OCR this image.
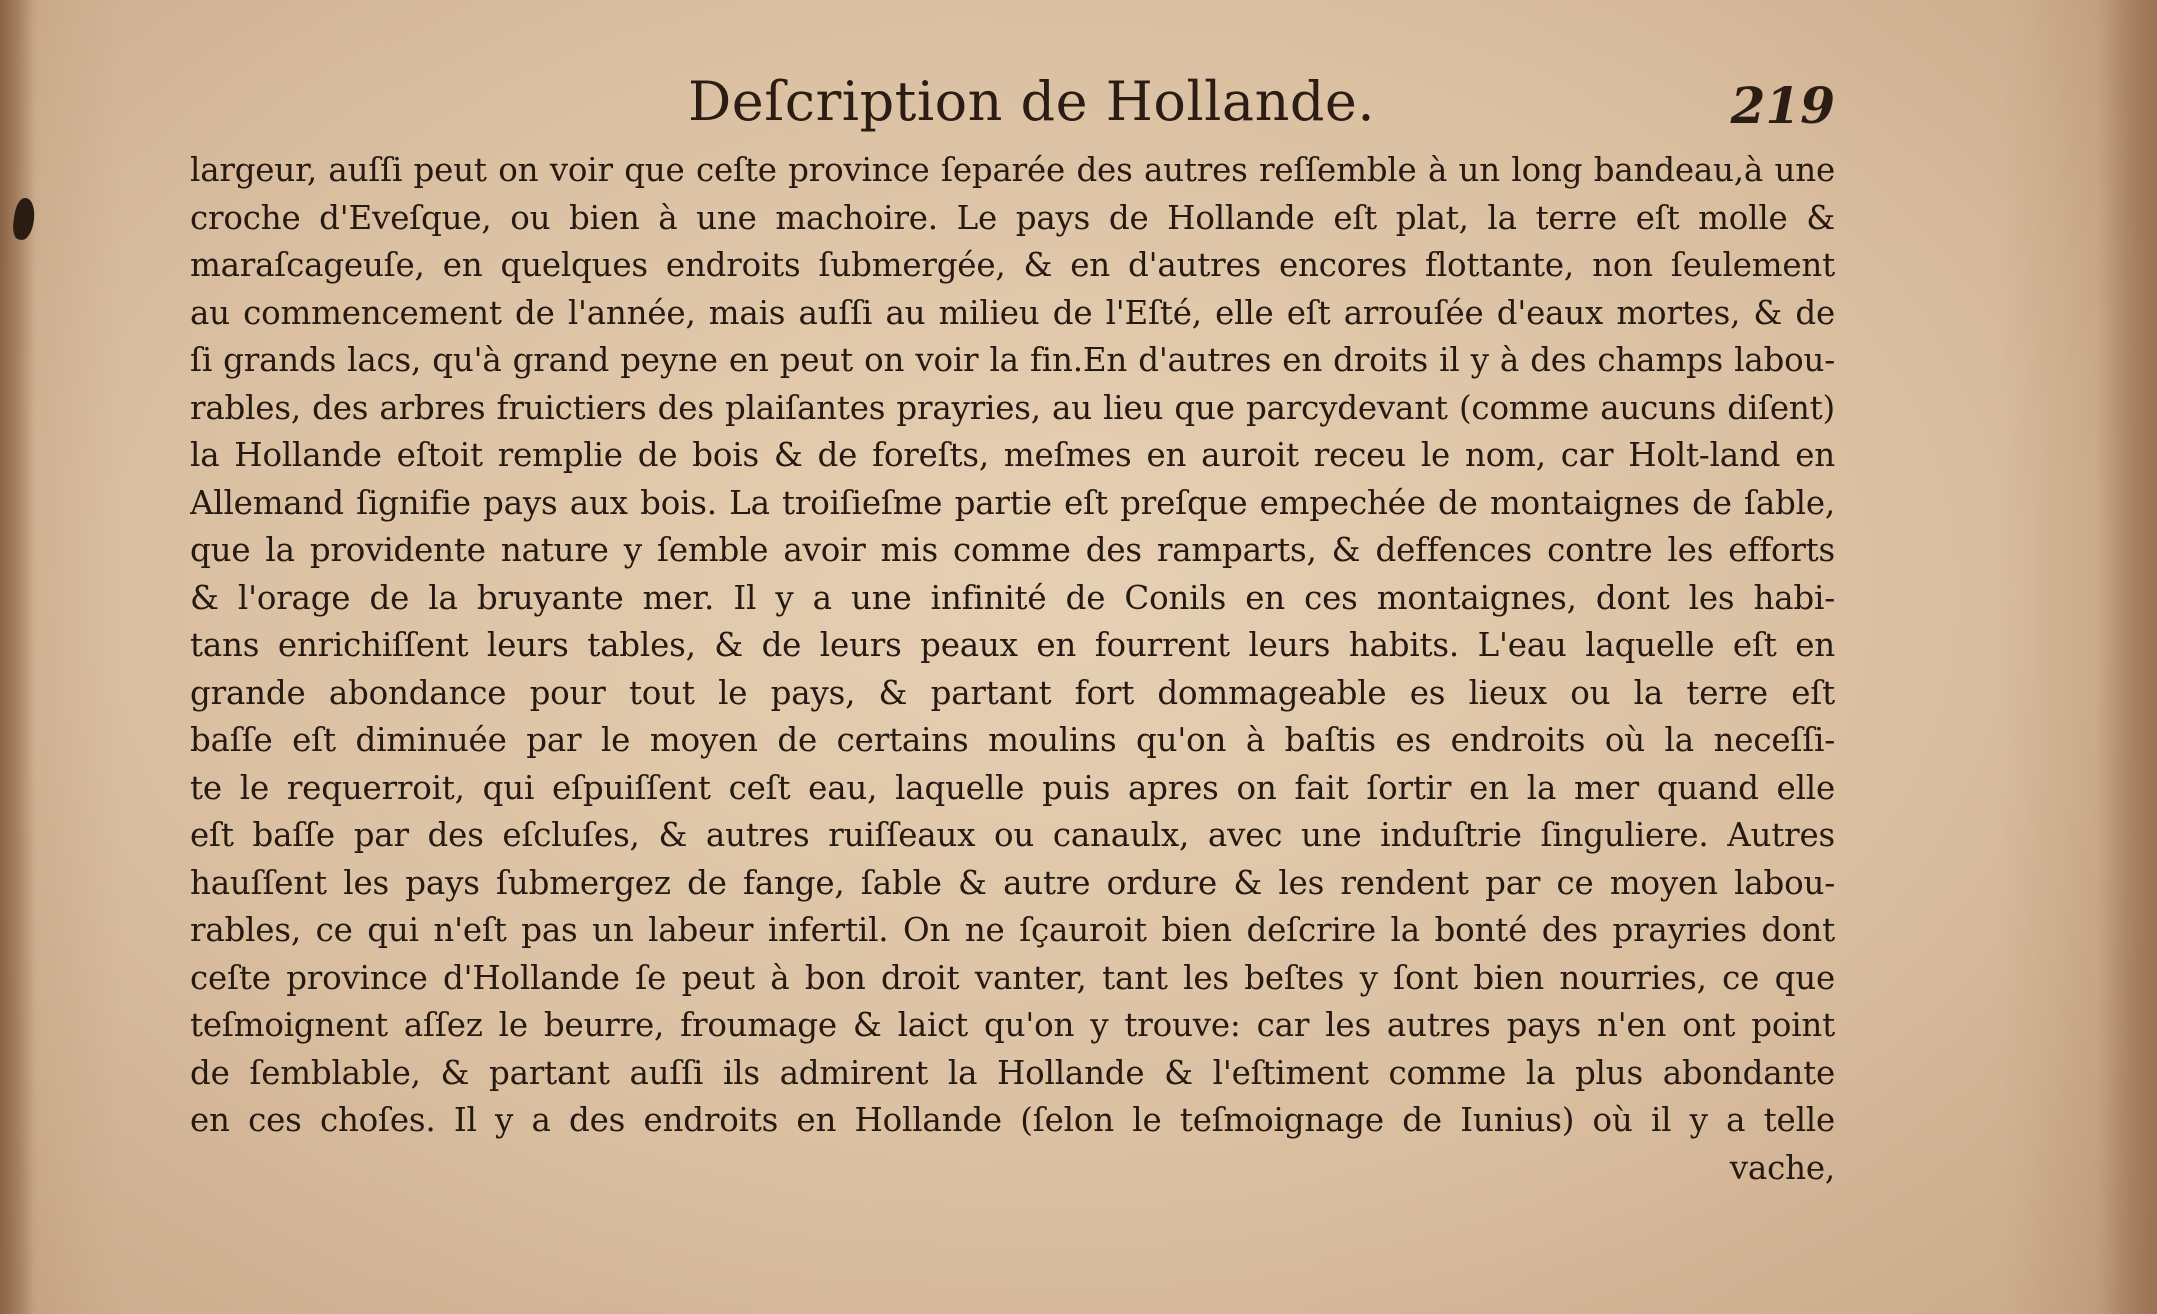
Deſcription de Hollande.	219
largeur, auſſi peut on voir que ceſte province ſeparée des autres reſſemble à un long bandeau,à une
croche d'Eveſque, ou bien à une machoire. Le pays de Hollande eſt plat, la terre eſt molle &
maraſcageuſe, en quelques endroits ſubmergée, & en d'autres encores flottante, non ſeulement
au commencement de l'année, mais auſſi au milieu de l'Eſté, elle eſt arrouſée d'eaux mortes, & de
ſi grands lacs, qu'à grand peyne en peut on voir la fin.En d'autres en droits il y à des champs labou-
rables, des arbres fruictiers des plaiſantes prayries, au lieu que parcydevant (comme aucuns diſent)
la Hollande eſtoit remplie de bois & de foreſts, meſmes en auroit receu le nom, car Holt-land en
Allemand ſignifie pays aux bois. La troiſieſme partie eſt preſque empechée de montaignes de ſable,
que la providente nature y ſemble avoir mis comme des ramparts, & deffences contre les efforts
& l'orage de la bruyante mer. Il y a une infinité de Conils en ces montaignes, dont les habi-
tans enrichiſſent leurs tables, & de leurs peaux en fourrent leurs habits. L'eau laquelle eſt en
grande abondance pour tout le pays, & partant fort dommageable es lieux ou la terre eſt
baſſe eſt diminuée par le moyen de certains moulins qu'on à baſtis es endroits où la neceſſi-
te le requerroit, qui eſpuiſſent ceſt eau, laquelle puis apres on fait ſortir en la mer quand elle
eſt baſſe par des eſcluſes, & autres ruiſſeaux ou canaulx, avec une induſtrie ſinguliere. Autres
hauſſent les pays ſubmergez de fange, ſable & autre ordure & les rendent par ce moyen labou-
rables, ce qui n'eſt pas un labeur infertil. On ne ſçauroit bien deſcrire la bonté des prayries dont
ceſte province d'Hollande ſe peut à bon droit vanter, tant les beſtes y ſont bien nourries, ce que
teſmoignent aſſez le beurre, froumage & laict qu'on y trouve: car les autres pays n'en ont point
de ſemblable, & partant auſſi ils admirent la Hollande & l'eſtiment comme la plus abondante
en ces choſes. Il y a des endroits en Hollande (ſelon le teſmoignage de Iunius) où il y a telle
vache,
